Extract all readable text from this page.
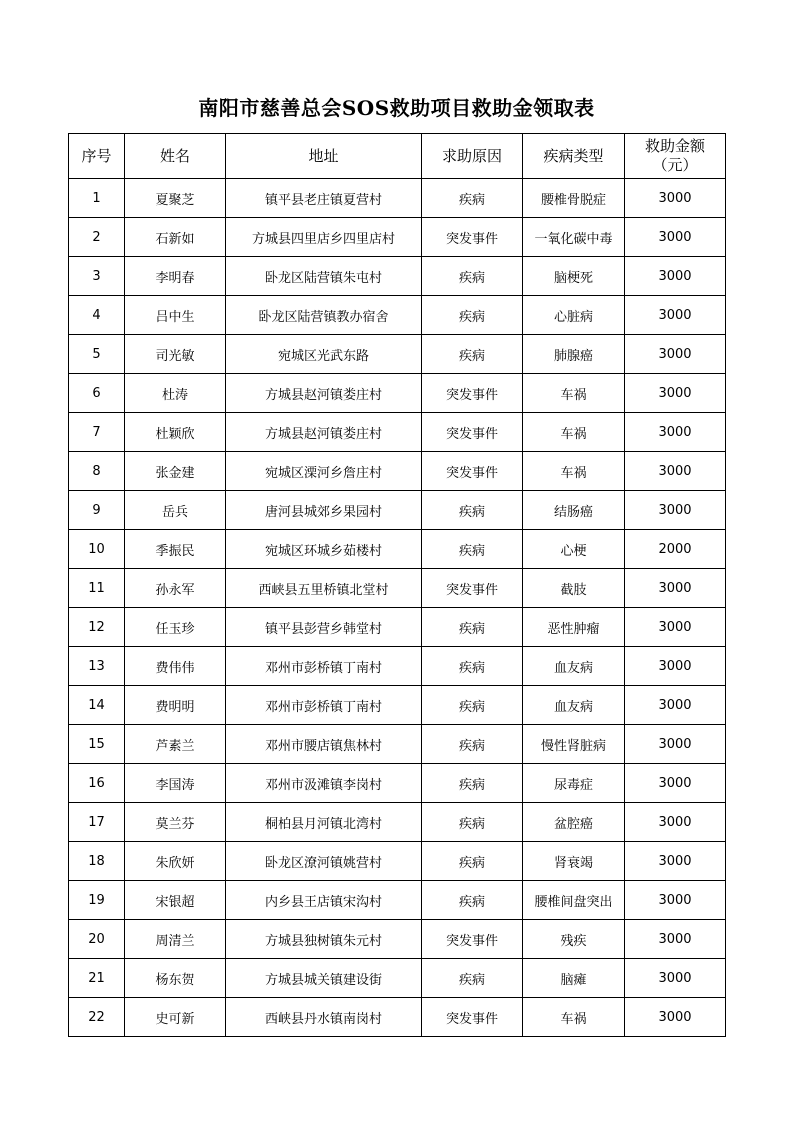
南阳市慈善总会SOS救助项目救助金领取表
序号	姓名	地址	求助原因	疾病类型	救助金额
（元）

1	夏聚芝	镇平县老庄镇夏营村	疾病	腰椎骨脱症	3000
2	石新如	方城县四里店乡四里店村	突发事件	一氧化碳中毒	3000
3	李明春	卧龙区陆营镇朱屯村	疾病	脑梗死	3000
4	吕中生	卧龙区陆营镇教办宿舍	疾病	心脏病	3000
5	司光敏	宛城区光武东路	疾病	肺腺癌	3000
6	杜涛	方城县赵河镇娄庄村	突发事件	车祸	3000
7	杜颖欣	方城县赵河镇娄庄村	突发事件	车祸	3000
8	张金建	宛城区溧河乡詹庄村	突发事件	车祸	3000
9	岳兵	唐河县城郊乡果园村	疾病	结肠癌	3000
10	季振民	宛城区环城乡茹楼村	疾病	心梗	2000
11	孙永军	西峡县五里桥镇北堂村	突发事件	截肢	3000
12	任玉珍	镇平县彭营乡韩堂村	疾病	恶性肿瘤	3000
13	费伟伟	邓州市彭桥镇丁南村	疾病	血友病	3000
14	费明明	邓州市彭桥镇丁南村	疾病	血友病	3000
15	芦素兰	邓州市腰店镇焦林村	疾病	慢性肾脏病	3000
16	李国涛	邓州市汲滩镇李岗村	疾病	尿毒症	3000
17	莫兰芬	桐柏县月河镇北湾村	疾病	盆腔癌	3000
18	朱欣妍	卧龙区潦河镇姚营村	疾病	肾衰竭	3000
19	宋银超	内乡县王店镇宋沟村	疾病	腰椎间盘突出	3000
20	周清兰	方城县独树镇朱元村	突发事件	残疾	3000
21	杨东贺	方城县城关镇建设街	疾病	脑瘫	3000
22	史可新	西峡县丹水镇南岗村	突发事件	车祸	3000
